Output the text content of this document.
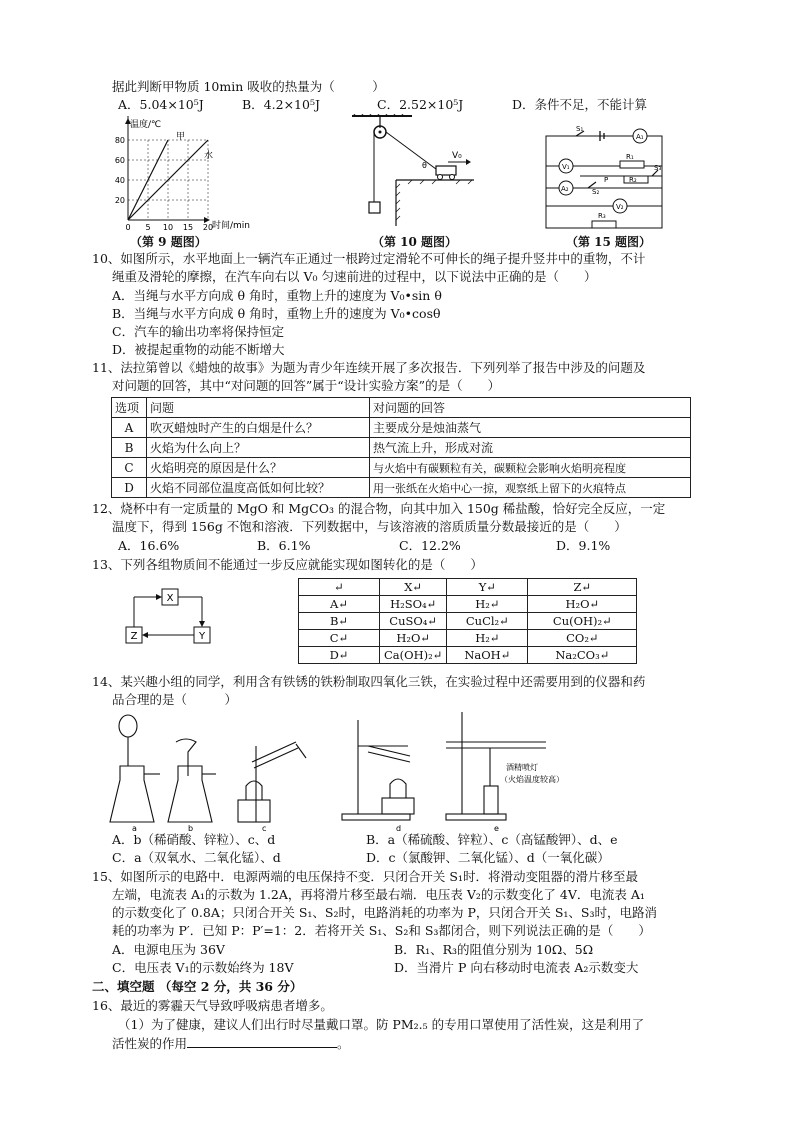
据此判断甲物质 10min 吸收的热量为（　　　）
A．5.04×10⁵J	B．4.2×10⁵J	C．2.52×10⁵J	D．条件不足，不能计算
温度/℃
时间/min
20
40
60
80
0 5 10 15 20
甲
水
（第 9 题图）
θ
V₀
（第 10 题图）
S₁
A₁
V₁
R₁
A₂	S₂
P	R₂
S₃
V₂
R₃
（第 15 题图）
10、如图所示，水平地面上一辆汽车正通过一根跨过定滑轮不可伸长的绳子提升竖井中的重物，不计
绳重及滑轮的摩擦，在汽车向右以 V₀ 匀速前进的过程中，以下说法中正确的是（　　）
A．当绳与水平方向成 θ 角时，重物上升的速度为 V₀•sin θ
B．当绳与水平方向成 θ 角时，重物上升的速度为 V₀•cosθ
C．汽车的输出功率将保持恒定
D．被提起重物的动能不断增大
11、法拉第曾以《蜡烛的故事》为题为青少年连续开展了多次报告．下列列举了报告中涉及的问题及
对问题的回答，其中“对问题的回答”属于“设计实验方案”的是（　　）
选项	问题	对问题的回答
A	吹灭蜡烛时产生的白烟是什么？	主要成分是烛油蒸气
B	火焰为什么向上？	热气流上升，形成对流
C	火焰明亮的原因是什么？	与火焰中有碳颗粒有关，碳颗粒会影响火焰明亮程度
D	火焰不同部位温度高低如何比较？	用一张纸在火焰中心一掠，观察纸上留下的火痕特点
12、烧杯中有一定质量的 MgO 和 MgCO₃ 的混合物，向其中加入 150g 稀盐酸，恰好完全反应，一定
温度下，得到 156g 不饱和溶液．下列数据中，与该溶液的溶质质量分数最接近的是（　　）
A．16.6%	B．6.1%	C．12.2%	D．9.1%
13、下列各组物质间不能通过一步反应就能实现如图转化的是（　　）
X
Y
Z
↵	X↵	Y↵	Z↵
A↵	H₂SO₄↵	H₂↵	H₂O↵
B↵	CuSO₄↵	CuCl₂↵	Cu(OH)₂↵
C↵	H₂O↵	H₂↵	CO₂↵
D↵	Ca(OH)₂↵	NaOH↵	Na₂CO₃↵
14、某兴趣小组的同学，利用含有铁锈的铁粉制取四氧化三铁，在实验过程中还需要用到的仪器和药
品合理的是（　　　）
a	b	c	d
酒精喷灯
（火焰温度较高）
e
A．b（稀硝酸、锌粒）、c、d	B．a（稀硫酸、锌粒）、c（高锰酸钾）、d、e
C．a（双氧水、二氧化锰）、d	D．c（氯酸钾、二氧化锰）、d（一氧化碳）
15、如图所示的电路中．电源两端的电压保持不变．只闭合开关 S₁时．将滑动变阻器的滑片移至最
左端，电流表 A₁的示数为 1.2A，再将滑片移至最右端．电压表 V₂的示数变化了 4V．电流表 A₁
的示数变化了 0.8A；只闭合开关 S₁、S₂时，电路消耗的功率为 P，只闭合开关 S₁、S₃时，电路消
耗的功率为 P′．已知 P：P′=1：2．若将开关 S₁、S₂和 S₃都闭合，则下列说法正确的是（　　）
A．电源电压为 36V	B．R₁、R₃的阻值分别为 10Ω、5Ω
C．电压表 V₁的示数始终为 18V	D．当滑片 P 向右移动时电流表 A₂示数变大
二、填空题 （每空 2 分，共 36 分）
16、最近的雾霾天气导致呼吸病患者增多。
（1）为了健康，建议人们出行时尽量戴口罩。防 PM₂.₅ 的专用口罩使用了活性炭，这是利用了
活性炭的作用	。
